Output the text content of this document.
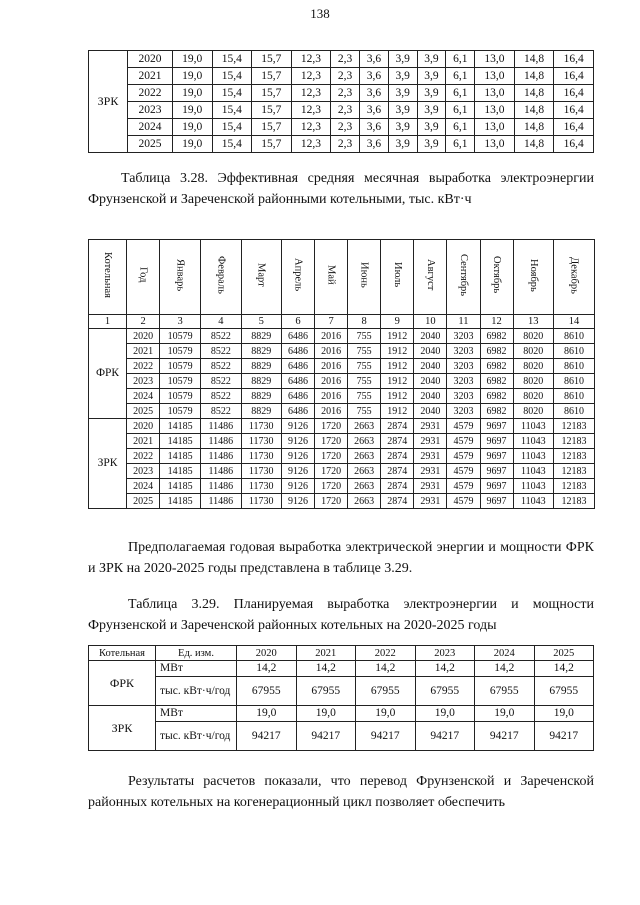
138
ЗРК	2020	19,0	15,4	15,7	12,3	2,3	3,6	3,9	3,9	6,1	13,0	14,8	16,4
	2021	19,0	15,4	15,7	12,3	2,3	3,6	3,9	3,9	6,1	13,0	14,8	16,4
	2022	19,0	15,4	15,7	12,3	2,3	3,6	3,9	3,9	6,1	13,0	14,8	16,4
	2023	19,0	15,4	15,7	12,3	2,3	3,6	3,9	3,9	6,1	13,0	14,8	16,4
	2024	19,0	15,4	15,7	12,3	2,3	3,6	3,9	3,9	6,1	13,0	14,8	16,4
	2025	19,0	15,4	15,7	12,3	2,3	3,6	3,9	3,9	6,1	13,0	14,8	16,4
Таблица 3.28. Эффективная средняя месячная выработка электроэнергии Фрунзенской и Зареченской районными котельными, тыс. кВт·ч
Котельная	Год	Январь	Февраль	Март	Апрель	Май	Июнь	Июль	Август	Сентябрь	Октябрь	Ноябрь	Декабрь
1	2	3	4	5	6	7	8	9	10	11	12	13	14
ФРК	2020	10579	8522	8829	6486	2016	755	1912	2040	3203	6982	8020	8610
	2021	10579	8522	8829	6486	2016	755	1912	2040	3203	6982	8020	8610
	2022	10579	8522	8829	6486	2016	755	1912	2040	3203	6982	8020	8610
	2023	10579	8522	8829	6486	2016	755	1912	2040	3203	6982	8020	8610
	2024	10579	8522	8829	6486	2016	755	1912	2040	3203	6982	8020	8610
	2025	10579	8522	8829	6486	2016	755	1912	2040	3203	6982	8020	8610
ЗРК	2020	14185	11486	11730	9126	1720	2663	2874	2931	4579	9697	11043	12183
	2021	14185	11486	11730	9126	1720	2663	2874	2931	4579	9697	11043	12183
	2022	14185	11486	11730	9126	1720	2663	2874	2931	4579	9697	11043	12183
	2023	14185	11486	11730	9126	1720	2663	2874	2931	4579	9697	11043	12183
	2024	14185	11486	11730	9126	1720	2663	2874	2931	4579	9697	11043	12183
	2025	14185	11486	11730	9126	1720	2663	2874	2931	4579	9697	11043	12183
Предполагаемая годовая выработка электрической энергии и мощности ФРК и ЗРК на 2020-2025 годы представлена в таблице 3.29.
Таблица 3.29. Планируемая выработка электроэнергии и мощности Фрунзенской и Зареченской районных котельных на 2020-2025 годы
Котельная	Ед. изм.	2020	2021	2022	2023	2024	2025
ФРК	МВт	14,2	14,2	14,2	14,2	14,2	14,2
	тыс. кВт·ч/год	67955	67955	67955	67955	67955	67955
ЗРК	МВт	19,0	19,0	19,0	19,0	19,0	19,0
	тыс. кВт·ч/год	94217	94217	94217	94217	94217	94217
Результаты расчетов показали, что перевод Фрунзенской и Зареченской районных котельных на когенерационный цикл позволяет обеспечить
